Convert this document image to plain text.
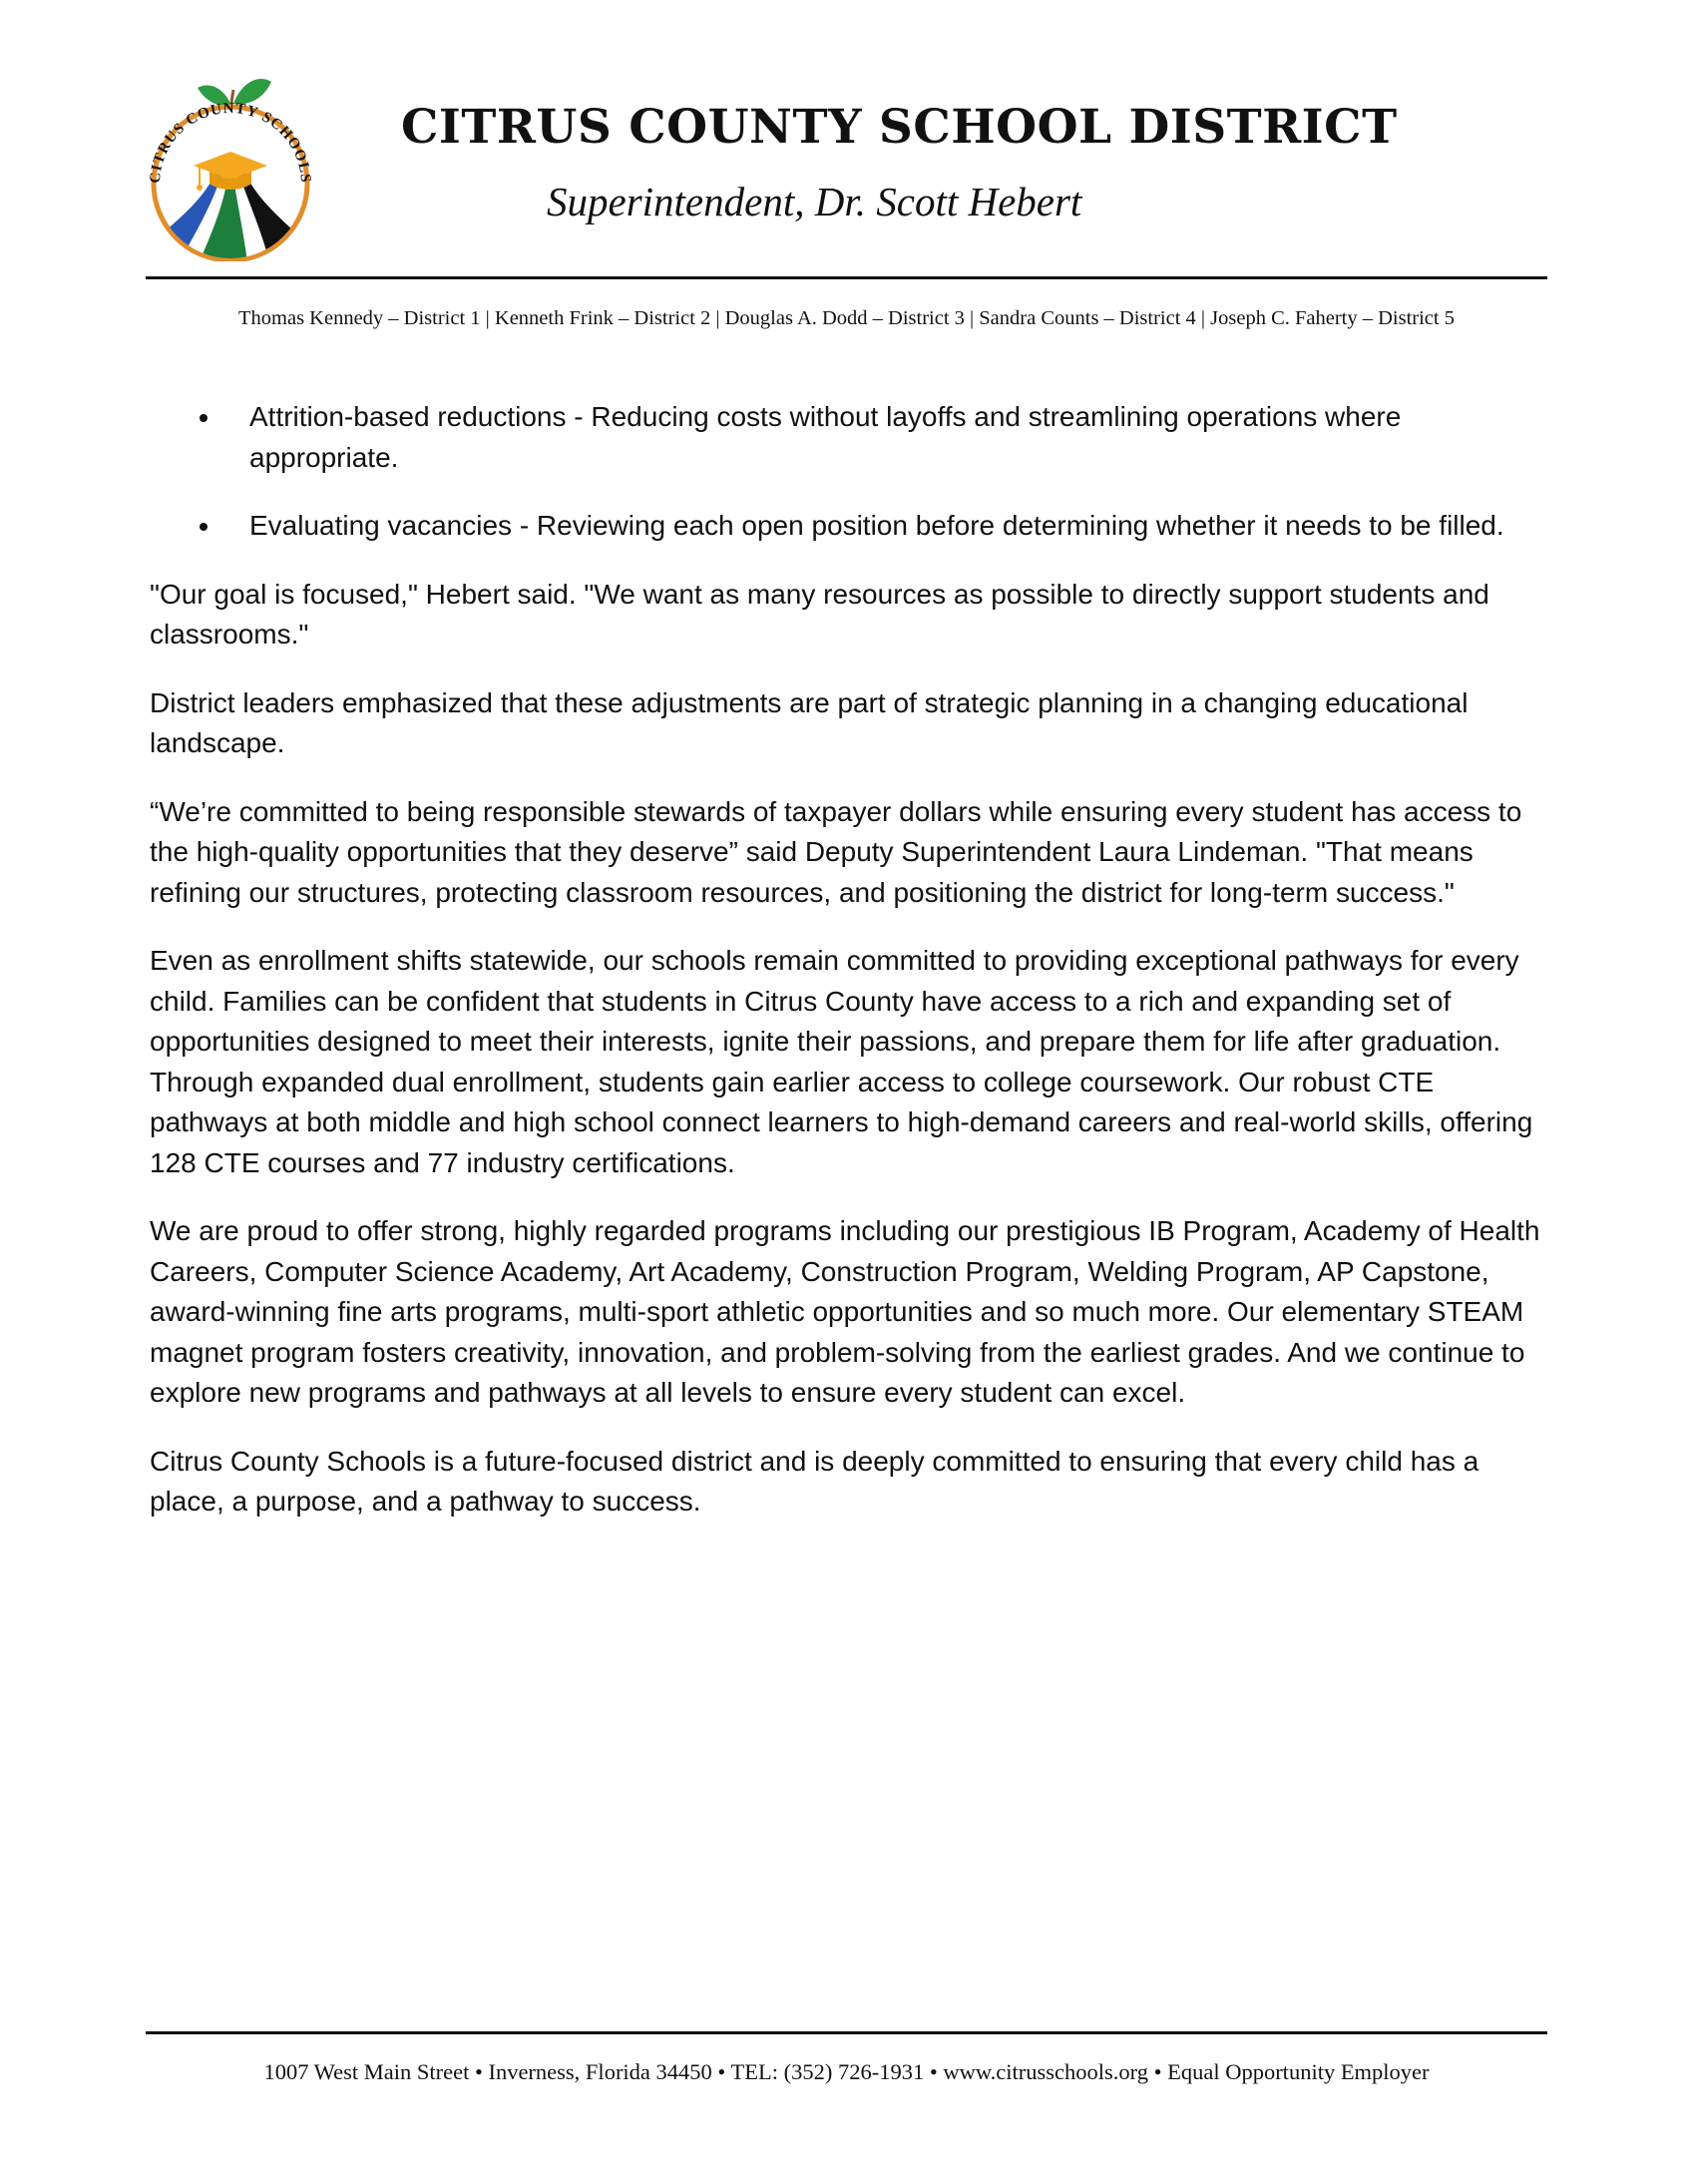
CITRUS COUNTY SCHOOLS
CITRUS COUNTY SCHOOL DISTRICT
Superintendent, Dr. Scott Hebert
Thomas Kennedy – District 1 | Kenneth Frink – District 2 | Douglas A. Dodd – District 3 | Sandra Counts – District 4 | Joseph C. Faherty – District 5
Attrition-based reductions - Reducing costs without layoffs and streamlining operations where appropriate.
Evaluating vacancies - Reviewing each open position before determining whether it needs to be filled.

"Our goal is focused," Hebert said. "We want as many resources as possible to directly support students and classrooms."

District leaders emphasized that these adjustments are part of strategic planning in a changing educational landscape.

“We’re committed to being responsible stewards of taxpayer dollars while ensuring every student has access to the high-quality opportunities that they deserve” said Deputy Superintendent Laura Lindeman. "That means refining our structures, protecting classroom resources, and positioning the district for long-term success."

Even as enrollment shifts statewide, our schools remain committed to providing exceptional pathways for every child. Families can be confident that students in Citrus County have access to a rich and expanding set of opportunities designed to meet their interests, ignite their passions, and prepare them for life after graduation. Through expanded dual enrollment, students gain earlier access to college coursework. Our robust CTE pathways at both middle and high school connect learners to high-demand careers and real-world skills, offering 128 CTE courses and 77 industry certifications.

We are proud to offer strong, highly regarded programs including our prestigious IB Program, Academy of Health Careers, Computer Science Academy, Art Academy, Construction Program, Welding Program, AP Capstone, award-winning fine arts programs, multi-sport athletic opportunities and so much more. Our elementary STEAM magnet program fosters creativity, innovation, and problem-solving from the earliest grades. And we continue to explore new programs and pathways at all levels to ensure every student can excel.

Citrus County Schools is a future-focused district and is deeply committed to ensuring that every child has a place, a purpose, and a pathway to success.

1007 West Main Street • Inverness, Florida 34450 • TEL: (352) 726-1931 • www.citrusschools.org • Equal Opportunity Employer
